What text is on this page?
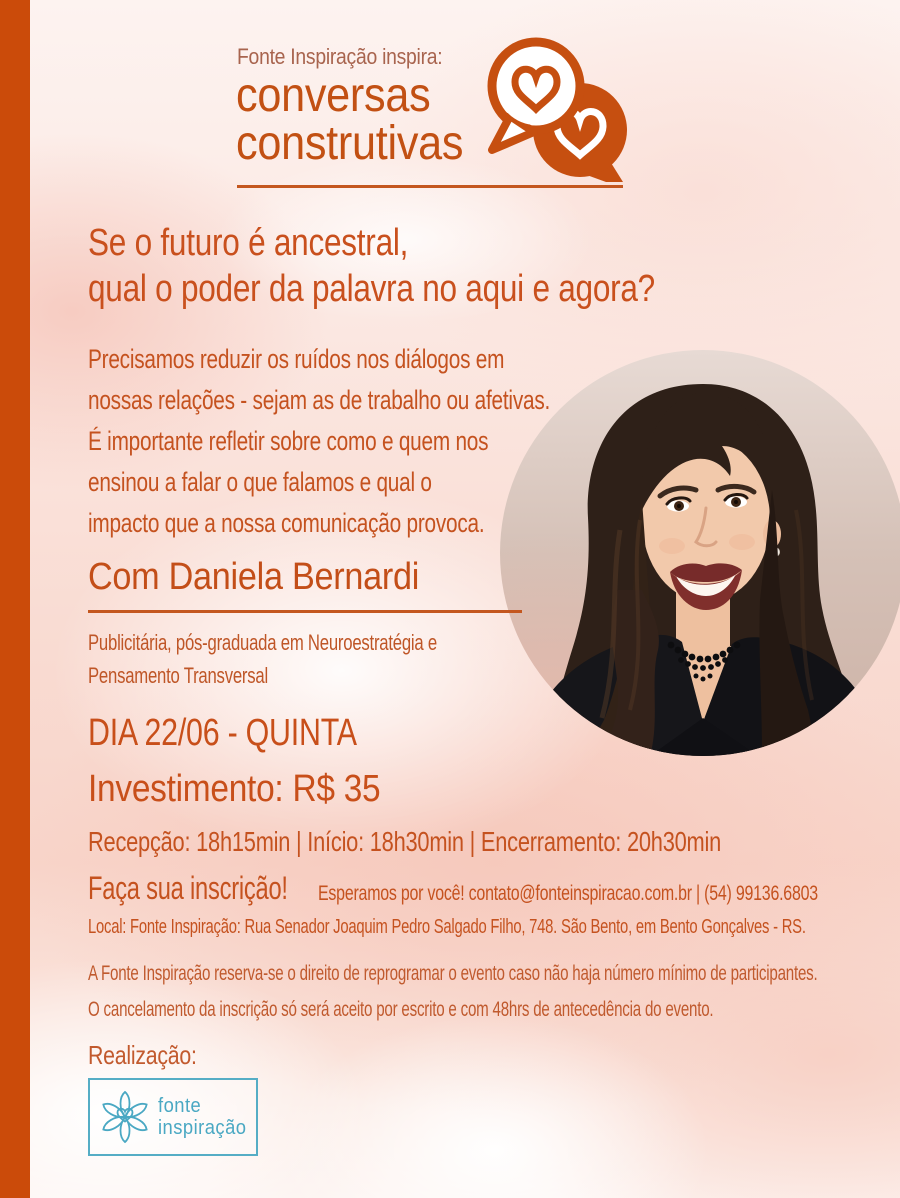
Fonte Inspiração inspira:
conversas
construtivas
Se o futuro é ancestral,
qual o poder da palavra no aqui e agora?
Precisamos reduzir os ruídos nos diálogos em
nossas relações - sejam as de trabalho ou afetivas.
É importante refletir sobre como e quem nos
ensinou a falar o que falamos e qual o
impacto que a nossa comunicação provoca.
Com Daniela Bernardi
Publicitária, pós-graduada em Neuroestratégia e
Pensamento Transversal
DIA 22/06 - QUINTA
Investimento: R$ 35
Recepção: 18h15min | Início: 18h30min | Encerramento: 20h30min
Faça sua inscrição! Esperamos por você! contato@fonteinspiracao.com.br | (54) 99136.6803
Local: Fonte Inspiração: Rua Senador Joaquim Pedro Salgado Filho, 748. São Bento, em Bento Gonçalves - RS.
A Fonte Inspiração reserva-se o direito de reprogramar o evento caso não haja número mínimo de participantes.
O cancelamento da inscrição só será aceito por escrito e com 48hrs de antecedência do evento.
Realização:
fonte
inspiração
